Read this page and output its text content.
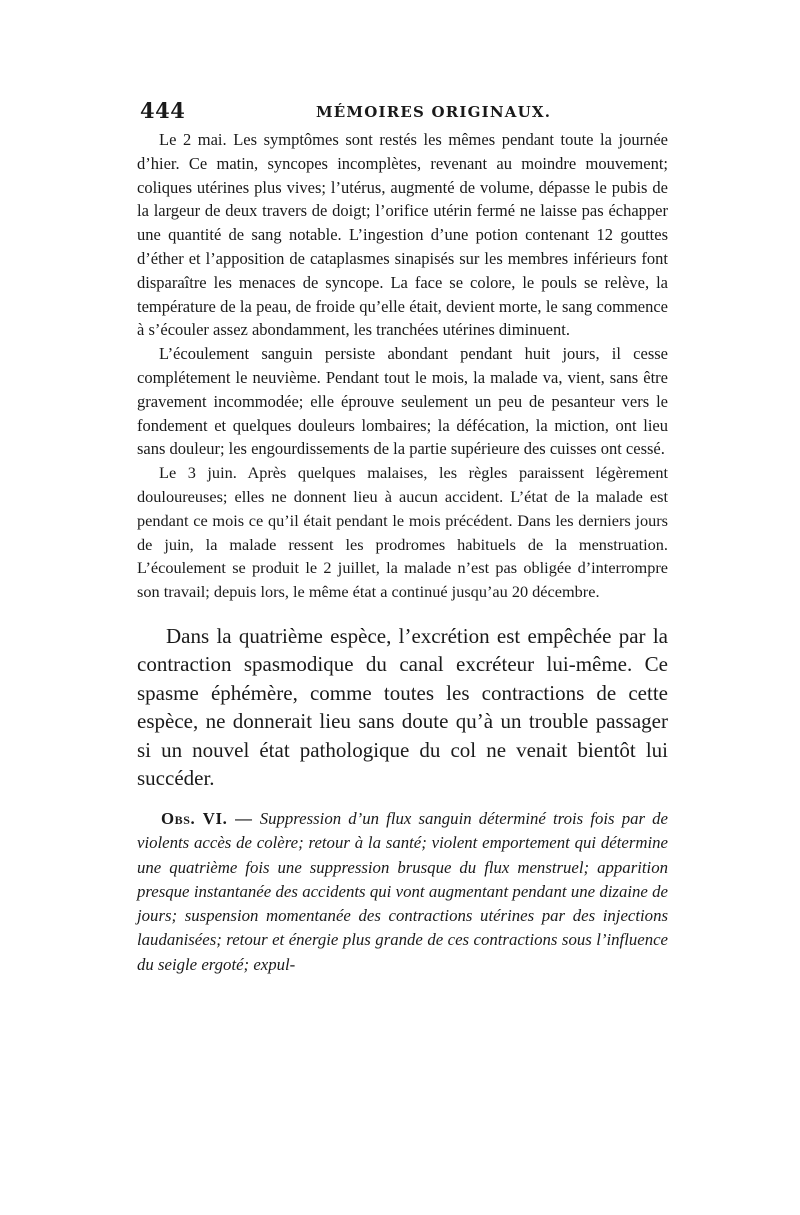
444	MÉMOIRES ORIGINAUX.

Le 2 mai. Les symptômes sont restés les mêmes pendant toute la journée d’hier. Ce matin, syncopes incomplètes, revenant au moindre mouvement; coliques utérines plus vives; l’utérus, augmenté de volume, dépasse le pubis de la largeur de deux travers de doigt; l’orifice utérin fermé ne laisse pas échapper une quantité de sang notable. L’ingestion d’une potion contenant 12 gouttes d’éther et l’apposition de cataplasmes sinapisés sur les membres inférieurs font disparaître les menaces de syncope. La face se colore, le pouls se relève, la température de la peau, de froide qu’elle était, devient morte, le sang commence à s’écouler assez abondamment, les tranchées utérines diminuent.

L’écoulement sanguin persiste abondant pendant huit jours, il cesse complétement le neuvième. Pendant tout le mois, la malade va, vient, sans être gravement incommodée; elle éprouve seulement un peu de pesanteur vers le fondement et quelques douleurs lombaires; la défécation, la miction, ont lieu sans douleur; les engourdissements de la partie supérieure des cuisses ont cessé.

Le 3 juin. Après quelques malaises, les règles paraissent légèrement douloureuses; elles ne donnent lieu à aucun accident. L’état de la malade est pendant ce mois ce qu’il était pendant le mois précédent. Dans les derniers jours de juin, la malade ressent les prodromes habituels de la menstruation. L’écoulement se produit le 2 juillet, la malade n’est pas obligée d’interrompre son travail; depuis lors, le même état a continué jusqu’au 20 décembre.

Dans la quatrième espèce, l’excrétion est empêchée par la contraction spasmodique du canal excréteur lui-même. Ce spasme éphémère, comme toutes les contractions de cette espèce, ne donnerait lieu sans doute qu’à un trouble passager si un nouvel état pathologique du col ne venait bientôt lui succéder.

Obs. VI. — Suppression d’un flux sanguin déterminé trois fois par de violents accès de colère; retour à la santé; violent emportement qui détermine une quatrième fois une suppression brusque du flux menstruel; apparition presque instantanée des accidents qui vont augmentant pendant une dizaine de jours; suspension momentanée des contractions utérines par des injections laudanisées; retour et énergie plus grande de ces contractions sous l’influence du seigle ergoté; expul-
